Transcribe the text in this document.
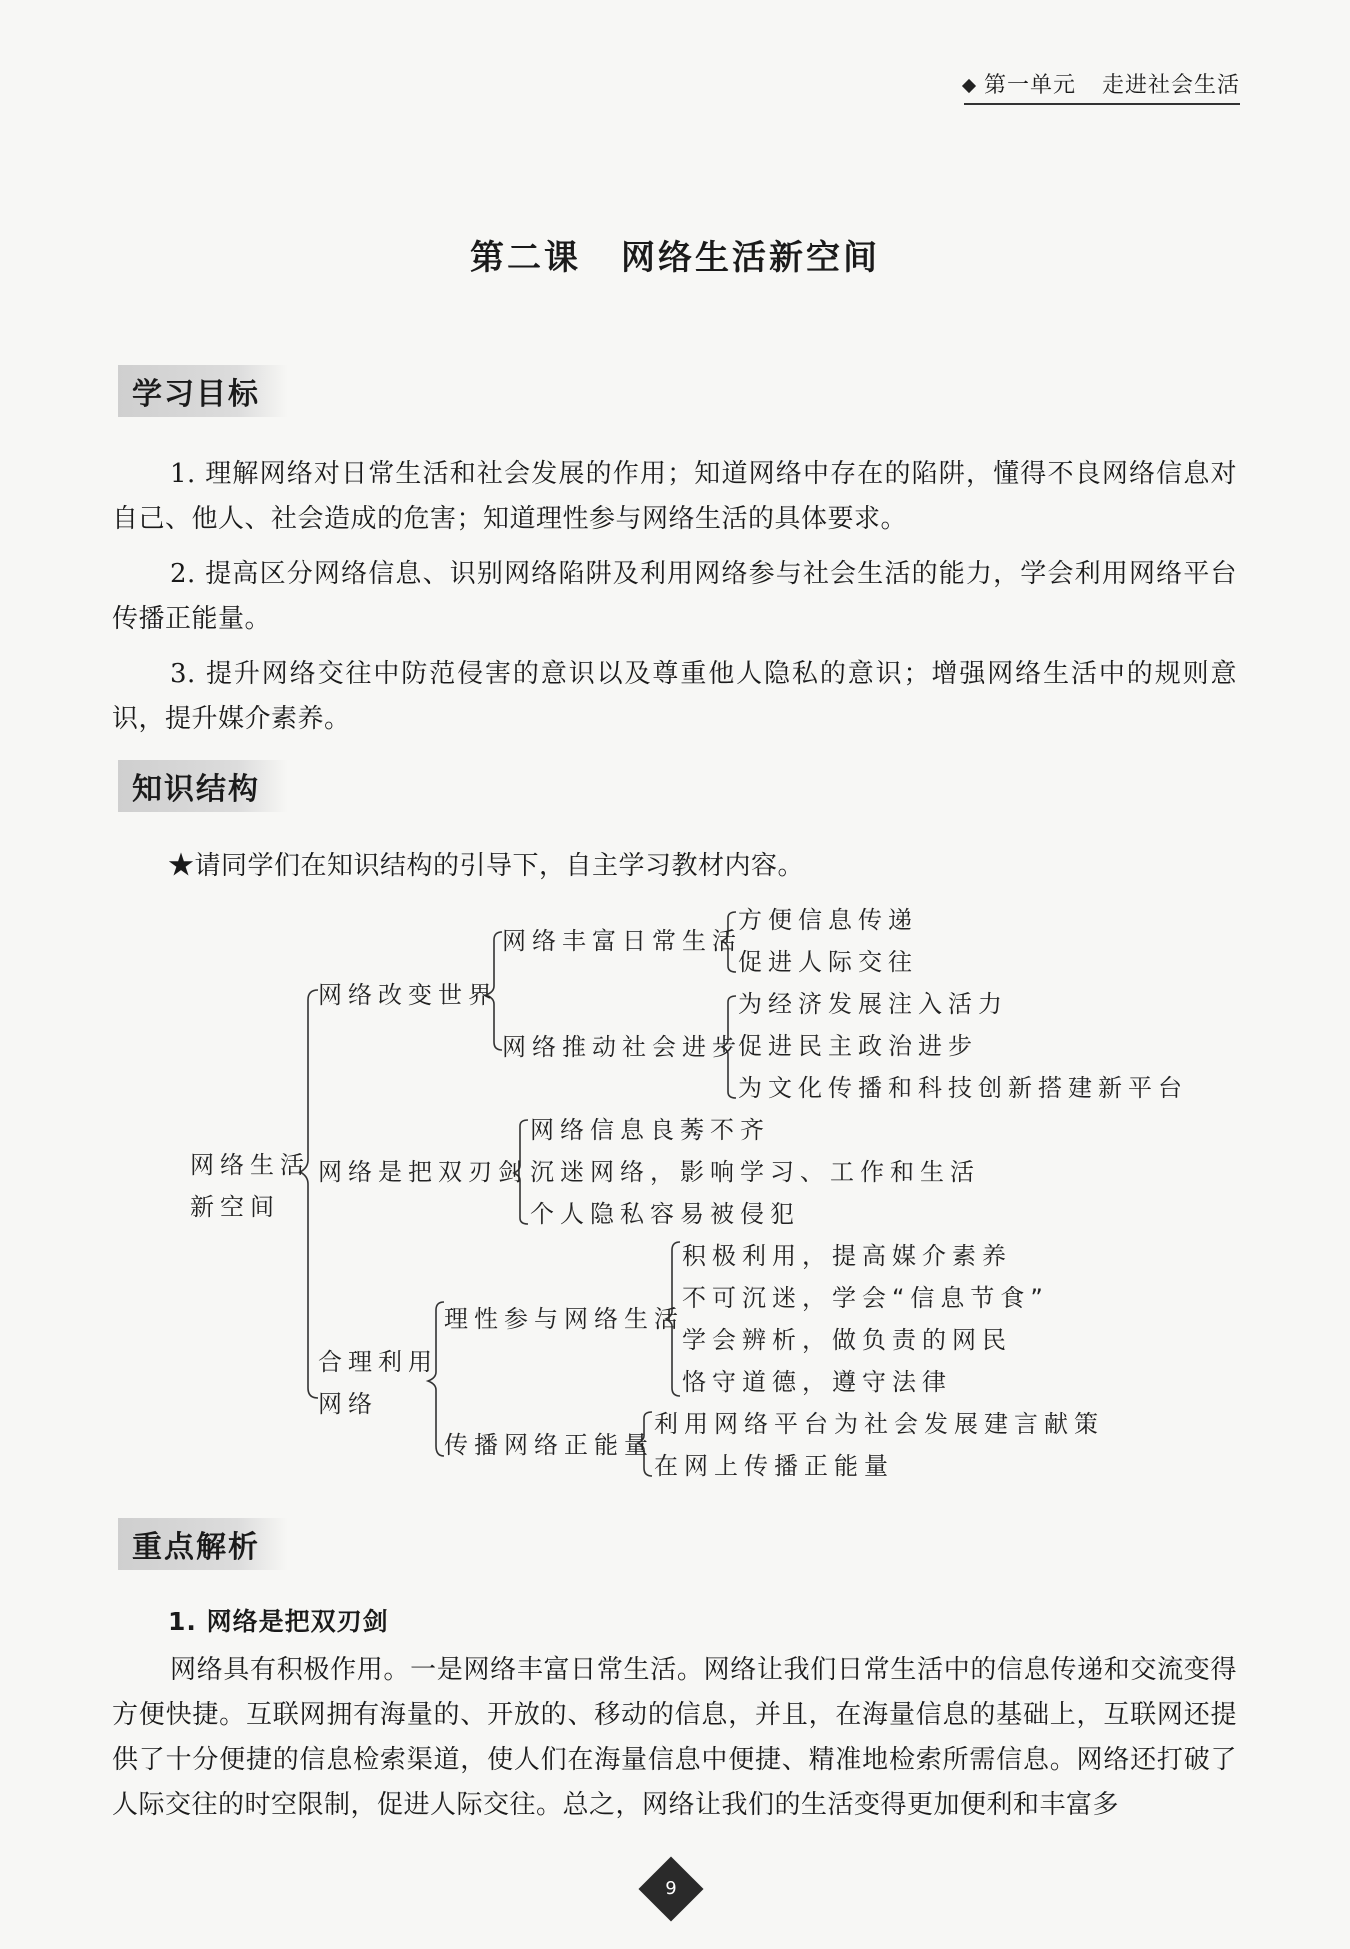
第一单元 走进社会生活
第二课 网络生活新空间
学习目标

1. 理解网络对日常生活和社会发展的作用；知道网络中存在的陷阱，懂得不良网络信息对自己、他人、社会造成的危害；知道理性参与网络生活的具体要求。

2. 提高区分网络信息、识别网络陷阱及利用网络参与社会生活的能力，学会利用网络平台传播正能量。

3. 提升网络交往中防范侵害的意识以及尊重他人隐私的意识；增强网络生活中的规则意识，提升媒介素养。

知识结构
★请同学们在知识结构的引导下，自主学习教材内容。
网络生活
新空间
网络改变世界
网络丰富日常生活
方便信息传递
促进人际交往
网络推动社会进步
为经济发展注入活力
促进民主政治进步
为文化传播和科技创新搭建新平台
网络是把双刃剑
网络信息良莠不齐
沉迷网络，影响学习、工作和生活
个人隐私容易被侵犯
合理利用
网络
理性参与网络生活
积极利用，提高媒介素养
不可沉迷，学会“信息节食”
学会辨析，做负责的网民
恪守道德，遵守法律
传播网络正能量
利用网络平台为社会发展建言献策
在网上传播正能量
重点解析
1. 网络是把双刃剑

网络具有积极作用。一是网络丰富日常生活。网络让我们日常生活中的信息传递和交流变得方便快捷。互联网拥有海量的、开放的、移动的信息，并且，在海量信息的基础上，互联网还提供了十分便捷的信息检索渠道，使人们在海量信息中便捷、精准地检索所需信息。网络还打破了人际交往的时空限制，促进人际交往。总之，网络让我们的生活变得更加便利和丰富多

9
